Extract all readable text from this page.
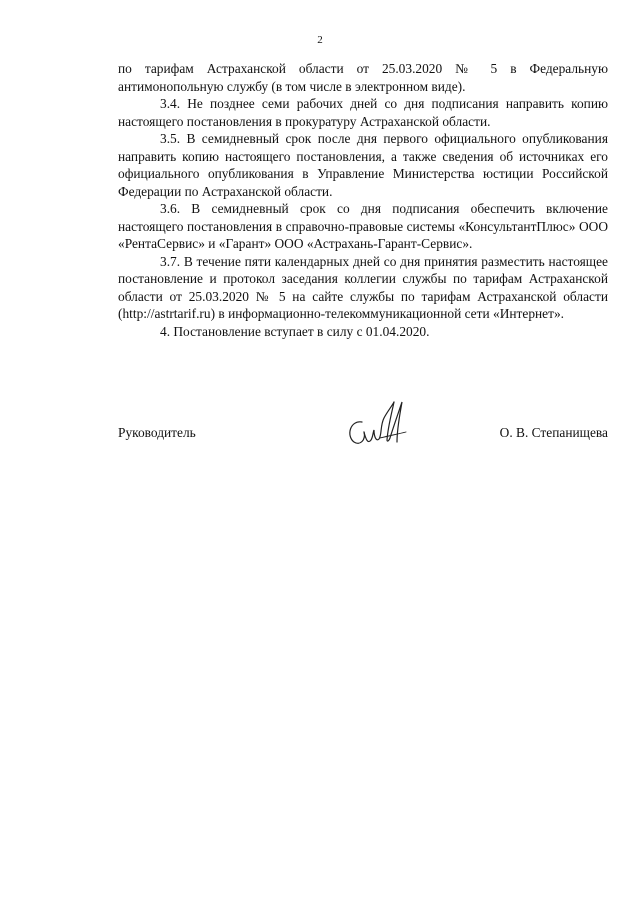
2

по тарифам Астраханской области от 25.03.2020 № 5 в Федеральную антимонопольную службу (в том числе в электронном виде).

3.4. Не позднее семи рабочих дней со дня подписания направить копию настоящего постановления в прокуратуру Астраханской области.

3.5. В семидневный срок после дня первого официального опубликования направить копию настоящего постановления, а также сведения об источниках его официального опубликования в Управление Министерства юстиции Российской Федерации по Астраханской области.

3.6. В семидневный срок со дня подписания обеспечить включение настоящего постановления в справочно-правовые системы «КонсультантПлюс» ООО «РентаСервис» и «Гарант» ООО «Астрахань-Гарант-Сервис».

3.7. В течение пяти календарных дней со дня принятия разместить настоящее постановление и протокол заседания коллегии службы по тарифам Астраханской области от 25.03.2020 № 5 на сайте службы по тарифам Астраханской области (http://astrtarif.ru) в информационно-телекоммуникационной сети «Интернет».

4. Постановление вступает в силу с 01.04.2020.

Руководитель	О. В. Степанищева
